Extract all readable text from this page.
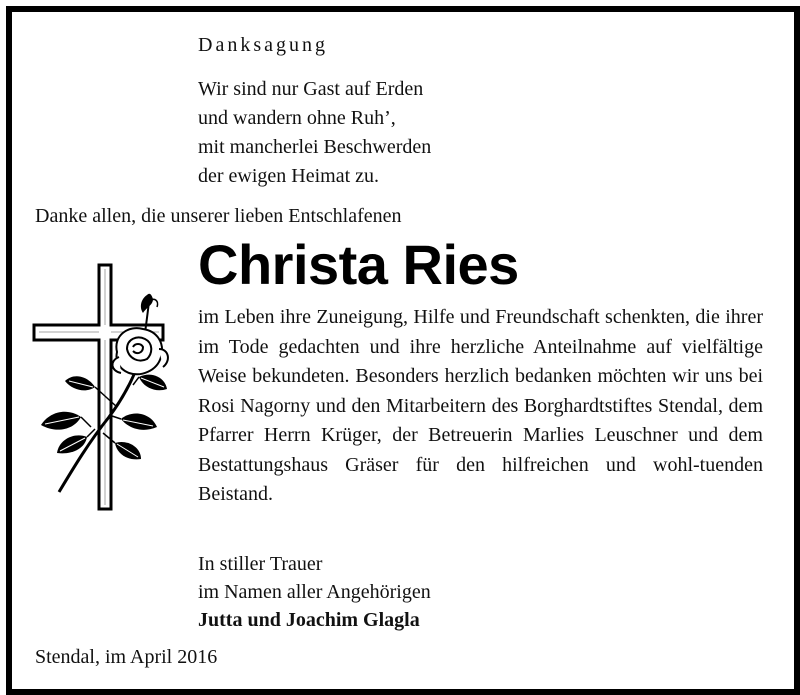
Danksagung
Wir sind nur Gast auf Erden
und wandern ohne Ruh’,
mit mancherlei Beschwerden
der ewigen Heimat zu.
Danke allen, die unserer lieben Entschlafenen
Christa Ries
im Leben ihre Zuneigung, Hilfe und Freundschaft schenkten, die ihrer im Tode gedachten und ihre herzliche Anteilnahme auf vielfältige Weise bekundeten. Besonders herzlich bedanken möchten wir uns bei Rosi Nagorny und den Mitarbeitern des Borghardtstiftes Stendal, dem Pfarrer Herrn Krüger, der Betreuerin Marlies Leuschner und dem Bestattungshaus Gräser für den hilfreichen und wohl-tuenden Beistand.
In stiller Trauer
im Namen aller Angehörigen
Jutta und Joachim Glagla
Stendal, im April 2016
